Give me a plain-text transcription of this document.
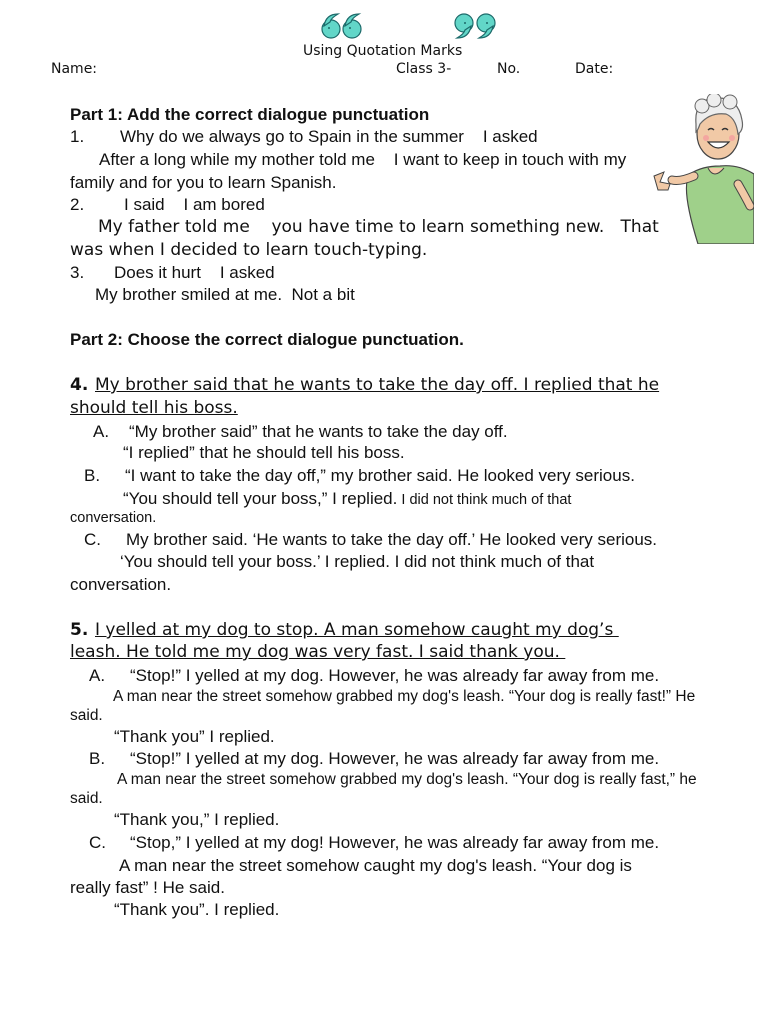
Using Quotation Marks
Name:	Class 3-	No.	Date:
Part 1: Add the correct dialogue punctuation
1. Why do we always go to Spain in the summer    I asked
After a long while my mother told me    I want to keep in touch with my
family and for you to learn Spanish.
2. I said    I am bored
My father told me    you have time to learn something new.   That
was when I decided to learn touch-typing.
3. Does it hurt    I asked
My brother smiled at me.  Not a bit
Part 2: Choose the correct dialogue punctuation.
4. My brother said that he wants to take the day off. I replied that he
should tell his boss.
A. “My brother said” that he wants to take the day off.
“I replied” that he should tell his boss.
B. “I want to take the day off,” my brother said. He looked very serious.
“You should tell your boss,” I replied. I did not think much of that
conversation.
C. My brother said. ‘He wants to take the day off.’ He looked very serious.
‘You should tell your boss.’ I replied. I did not think much of that
conversation.
5. I yelled at my dog to stop. A man somehow caught my dog’s
leash. He told me my dog was very fast. I said thank you.
A. “Stop!” I yelled at my dog. However, he was already far away from me.
A man near the street somehow grabbed my dog's leash. “Your dog is really fast!” He
said.
“Thank you” I replied.
B. “Stop!” I yelled at my dog. However, he was already far away from me.
A man near the street somehow grabbed my dog's leash. “Your dog is really fast,” he
said.
“Thank you,” I replied.
C. “Stop,” I yelled at my dog! However, he was already far away from me.
A man near the street somehow caught my dog's leash. “Your dog is
really fast” ! He said.
“Thank you”. I replied.
